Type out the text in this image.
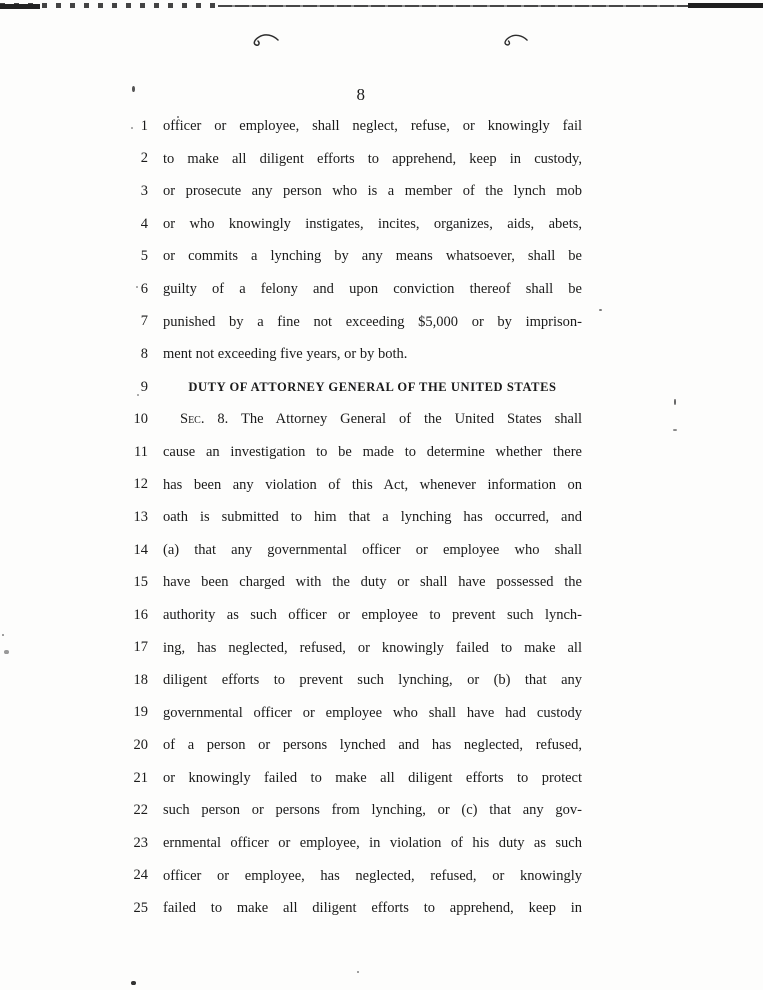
8
1 officer or employee, shall neglect, refuse, or knowingly fail
2 to make all diligent efforts to apprehend, keep in custody,
3 or prosecute any person who is a member of the lynch mob
4 or who knowingly instigates, incites, organizes, aids, abets,
5 or commits a lynching by any means whatsoever, shall be
6 guilty of a felony and upon conviction thereof shall be
7 punished by a fine not exceeding $5,000 or by imprison-
8 ment not exceeding five years, or by both.
9	DUTY OF ATTORNEY GENERAL OF THE UNITED STATES
10	Sec. 8. The Attorney General of the United States shall
11 cause an investigation to be made to determine whether there
12 has been any violation of this Act, whenever information on
13 oath is submitted to him that a lynching has occurred, and
14 (a) that any governmental officer or employee who shall
15 have been charged with the duty or shall have possessed the
16 authority as such officer or employee to prevent such lynch-
17 ing, has neglected, refused, or knowingly failed to make all
18 diligent efforts to prevent such lynching, or (b) that any
19 governmental officer or employee who shall have had custody
20 of a person or persons lynched and has neglected, refused,
21 or knowingly failed to make all diligent efforts to protect
22 such person or persons from lynching, or (c) that any gov-
23 ernmental officer or employee, in violation of his duty as such
24 officer or employee, has neglected, refused, or knowingly
25 failed to make all diligent efforts to apprehend, keep in
